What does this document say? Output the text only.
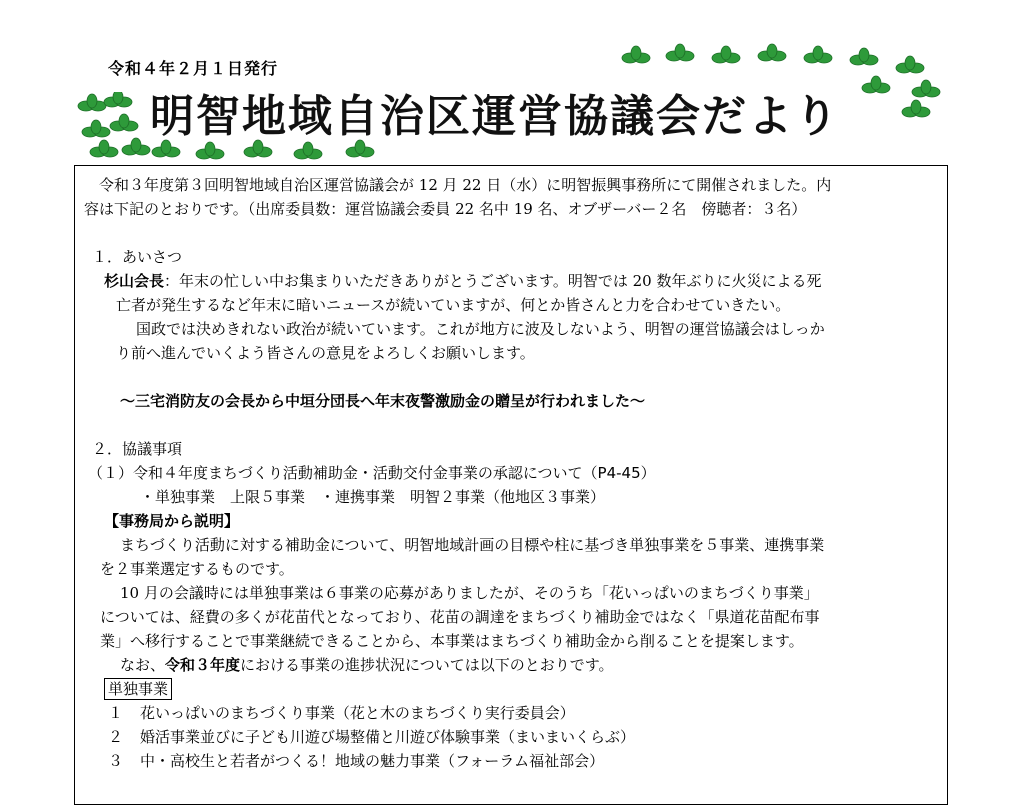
令和４年２月１日発行
明智地域自治区運営協議会だより

令和３年度第３回明智地域自治区運営協議会が 12 月 22 日（水）に明智振興事務所にて開催されました。内

容は下記のとおりです。（出席委員数：運営協議会委員 22 名中 19 名、オブザーバー２名　傍聴者：３名）

１．あいさつ

杉山会長：年末の忙しい中お集まりいただきありがとうございます。明智では 20 数年ぶりに火災による死

亡者が発生するなど年末に暗いニュースが続いていますが、何とか皆さんと力を合わせていきたい。

国政では決めきれない政治が続いています。これが地方に波及しないよう、明智の運営協議会はしっか

り前へ進んでいくよう皆さんの意見をよろしくお願いします。

～三宅消防友の会長から中垣分団長へ年末夜警激励金の贈呈が行われました～

２．協議事項

（１）令和４年度まちづくり活動補助金・活動交付金事業の承認について（P4-45）

・単独事業　上限５事業　・連携事業　明智２事業（他地区３事業）

【事務局から説明】

まちづくり活動に対する補助金について、明智地域計画の目標や柱に基づき単独事業を５事業、連携事業

を２事業選定するものです。

10 月の会議時には単独事業は６事業の応募がありましたが、そのうち「花いっぱいのまちづくり事業」

については、経費の多くが花苗代となっており、花苗の調達をまちづくり補助金ではなく「県道花苗配布事

業」へ移行することで事業継続できることから、本事業はまちづくり補助金から削ることを提案します。

なお、令和３年度における事業の進捗状況については以下のとおりです。

単独事業

１ 花いっぱいのまちづくり事業（花と木のまちづくり実行委員会）

２ 婚活事業並びに子ども川遊び場整備と川遊び体験事業（まいまいくらぶ）

３ 中・高校生と若者がつくる！地域の魅力事業（フォーラム福祉部会）
